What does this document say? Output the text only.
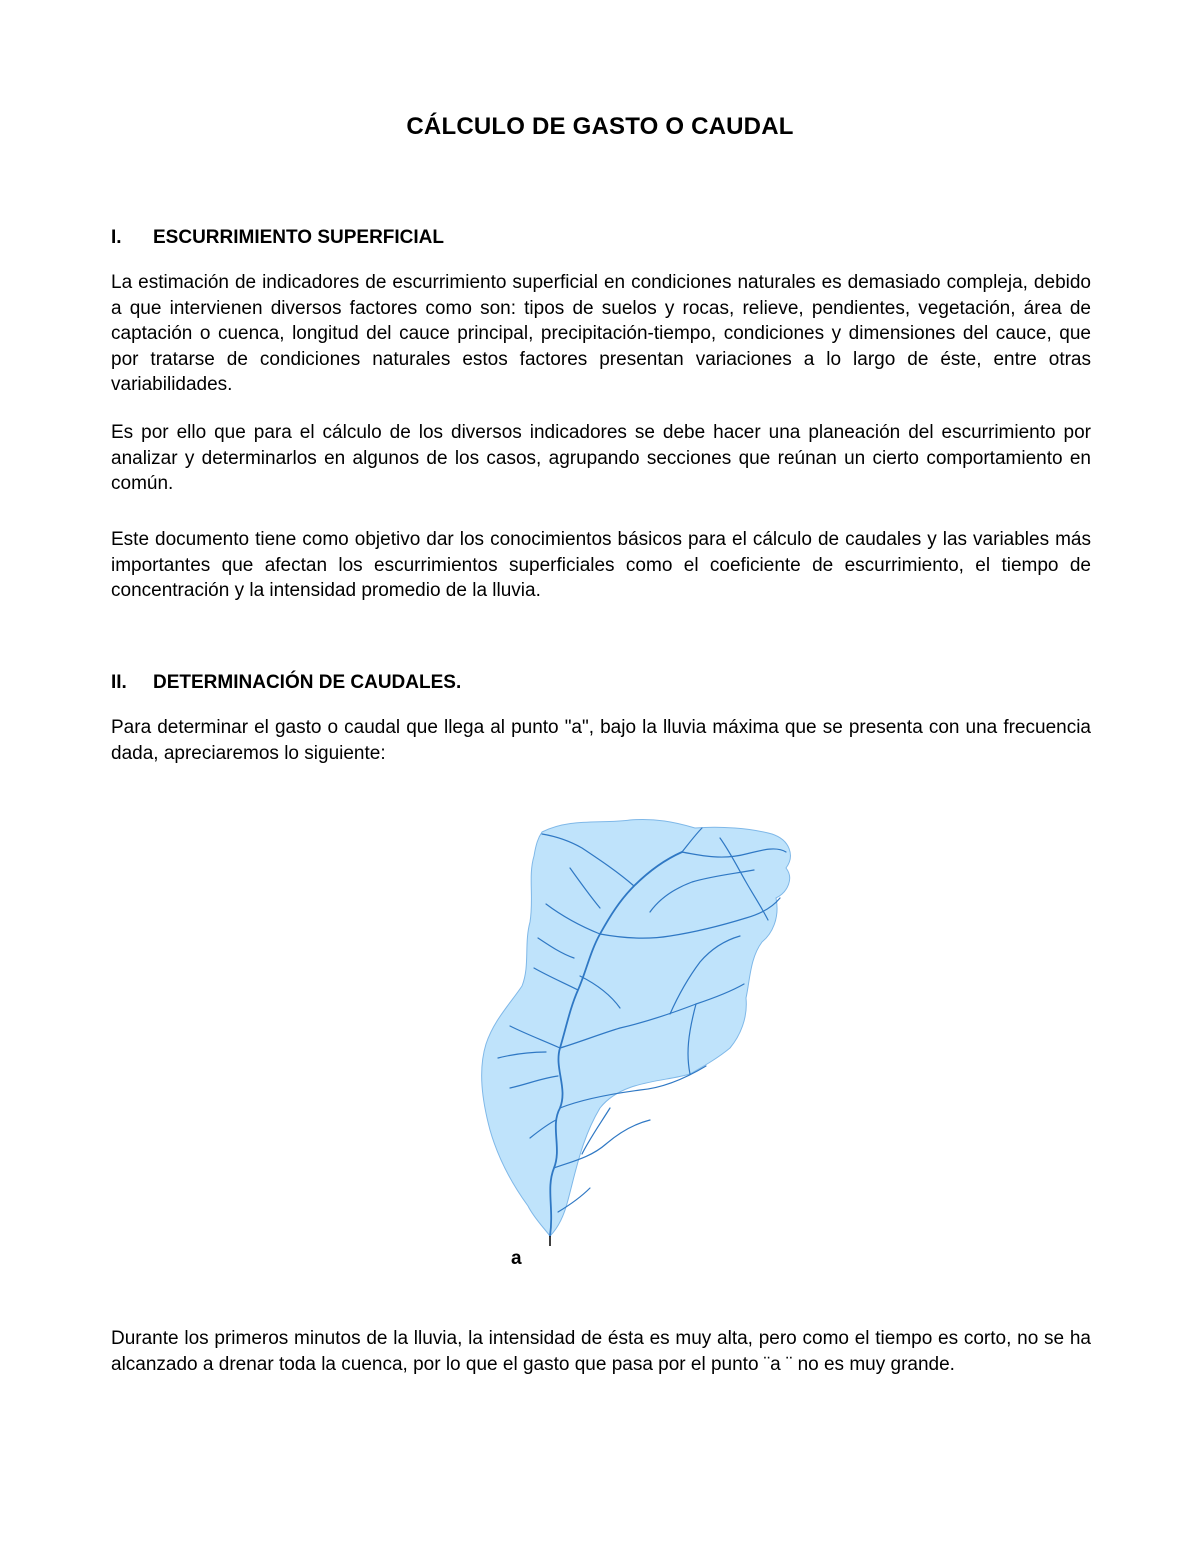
CÁLCULO DE GASTO O CAUDAL
I. ESCURRIMIENTO SUPERFICIAL

La estimación de indicadores de escurrimiento superficial en condiciones naturales es demasiado compleja, debido a que intervienen diversos factores como son: tipos de suelos y rocas, relieve, pendientes, vegetación, área de captación o cuenca, longitud del cauce principal, precipitación-tiempo, condiciones y dimensiones del cauce, que por tratarse de condiciones naturales estos factores presentan variaciones a lo largo de éste, entre otras variabilidades.

Es por ello que para el cálculo de los diversos indicadores se debe hacer una planeación del escurrimiento por analizar y determinarlos en algunos de los casos, agrupando secciones que reúnan un cierto comportamiento en común.

Este documento tiene como objetivo dar los conocimientos básicos para el cálculo de caudales y las variables más importantes que afectan los escurrimientos superficiales como el coeficiente de escurrimiento, el tiempo de concentración y la intensidad promedio de la lluvia.

II. DETERMINACIÓN DE CAUDALES.

Para determinar el gasto o caudal que llega al punto "a", bajo la lluvia máxima que se presenta con una frecuencia dada, apreciaremos lo siguiente:

a

Durante los primeros minutos de la lluvia, la intensidad de ésta es muy alta, pero como el tiempo es corto, no se ha alcanzado a drenar toda la cuenca, por lo que el gasto que pasa por el punto ¨a ¨ no es muy grande.
